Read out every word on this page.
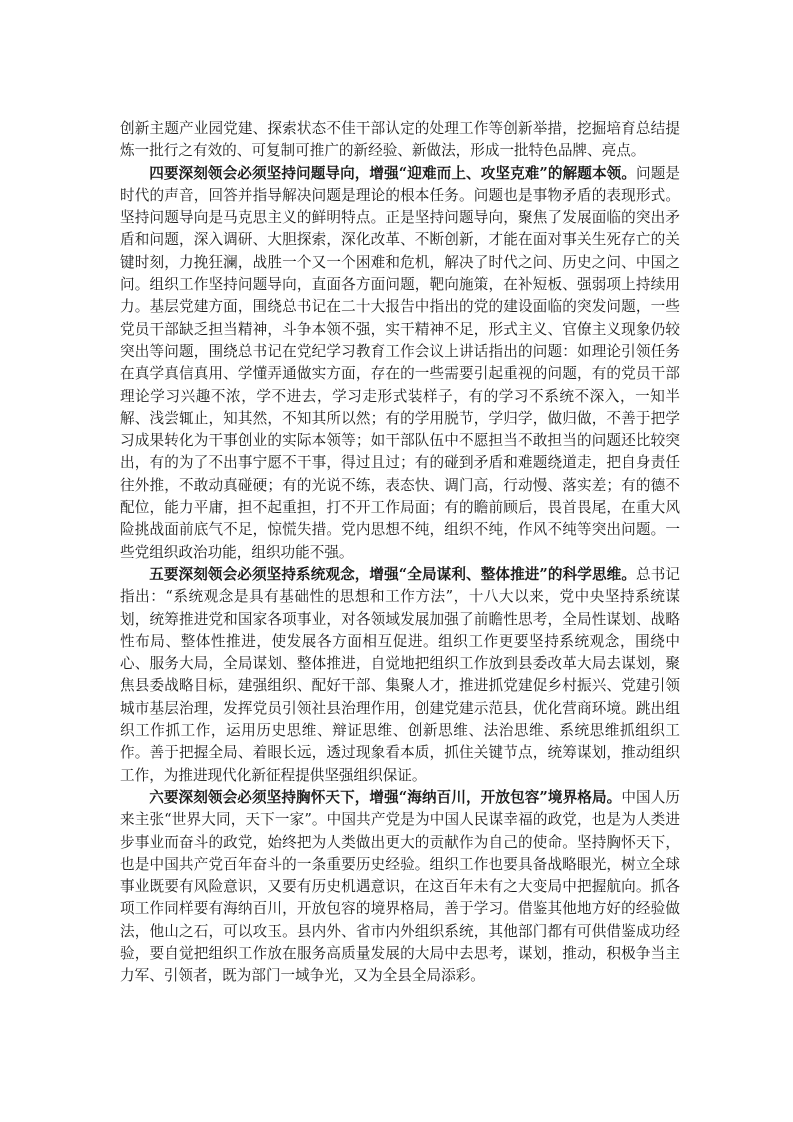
创新主题产业园党建、探索状态不佳干部认定的处理工作等创新举措，挖掘培育总结提炼一批行之有效的、可复制可推广的新经验、新做法，形成一批特色品牌、亮点。

四要深刻领会必须坚持问题导向，增强“迎难而上、攻坚克难”的解题本领。问题是时代的声音，回答并指导解决问题是理论的根本任务。问题也是事物矛盾的表现形式。坚持问题导向是马克思主义的鲜明特点。正是坚持问题导向，聚焦了发展面临的突出矛盾和问题，深入调研、大胆探索，深化改革、不断创新，才能在面对事关生死存亡的关键时刻，力挽狂澜，战胜一个又一个困难和危机，解决了时代之问、历史之问、中国之问。组织工作坚持问题导向，直面各方面问题，靶向施策，在补短板、强弱项上持续用力。基层党建方面，围绕总书记在二十大报告中指出的党的建设面临的突发问题，一些党员干部缺乏担当精神，斗争本领不强，实干精神不足，形式主义、官僚主义现象仍较突出等问题，围绕总书记在党纪学习教育工作会议上讲话指出的问题：如理论引领任务在真学真信真用、学懂弄通做实方面，存在的一些需要引起重视的问题，有的党员干部理论学习兴趣不浓，学不进去，学习走形式装样子，有的学习不系统不深入，一知半解、浅尝辄止，知其然，不知其所以然；有的学用脱节，学归学，做归做，不善于把学习成果转化为干事创业的实际本领等；如干部队伍中不愿担当不敢担当的问题还比较突出，有的为了不出事宁愿不干事，得过且过；有的碰到矛盾和难题绕道走，把自身责任往外推，不敢动真碰硬；有的光说不练，表态快、调门高，行动慢、落实差；有的德不配位，能力平庸，担不起重担，打不开工作局面；有的瞻前顾后，畏首畏尾，在重大风险挑战面前底气不足，惊慌失措。党内思想不纯，组织不纯，作风不纯等突出问题。一些党组织政治功能，组织功能不强。

五要深刻领会必须坚持系统观念，增强“全局谋利、整体推进”的科学思维。总书记指出：“系统观念是具有基础性的思想和工作方法”，十八大以来，党中央坚持系统谋划，统筹推进党和国家各项事业，对各领域发展加强了前瞻性思考，全局性谋划、战略性布局、整体性推进，使发展各方面相互促进。组织工作更要坚持系统观念，围绕中心、服务大局，全局谋划、整体推进，自觉地把组织工作放到县委改革大局去谋划，聚焦县委战略目标，建强组织、配好干部、集聚人才，推进抓党建促乡村振兴、党建引领城市基层治理，发挥党员引领社县治理作用，创建党建示范县，优化营商环境。跳出组织工作抓工作，运用历史思维、辩证思维、创新思维、法治思维、系统思维抓组织工作。善于把握全局、着眼长远，透过现象看本质，抓住关键节点，统筹谋划，推动组织工作，为推进现代化新征程提供坚强组织保证。

六要深刻领会必须坚持胸怀天下，增强“海纳百川，开放包容”境界格局。中国人历来主张“世界大同，天下一家”。中国共产党是为中国人民谋幸福的政党，也是为人类进步事业而奋斗的政党，始终把为人类做出更大的贡献作为自己的使命。坚持胸怀天下，也是中国共产党百年奋斗的一条重要历史经验。组织工作也要具备战略眼光，树立全球事业既要有风险意识，又要有历史机遇意识，在这百年未有之大变局中把握航向。抓各项工作同样要有海纳百川，开放包容的境界格局，善于学习。借鉴其他地方好的经验做法，他山之石，可以攻玉。县内外、省市内外组织系统，其他部门都有可供借鉴成功经验，要自觉把组织工作放在服务高质量发展的大局中去思考，谋划，推动，积极争当主力军、引领者，既为部门一域争光，又为全县全局添彩。
